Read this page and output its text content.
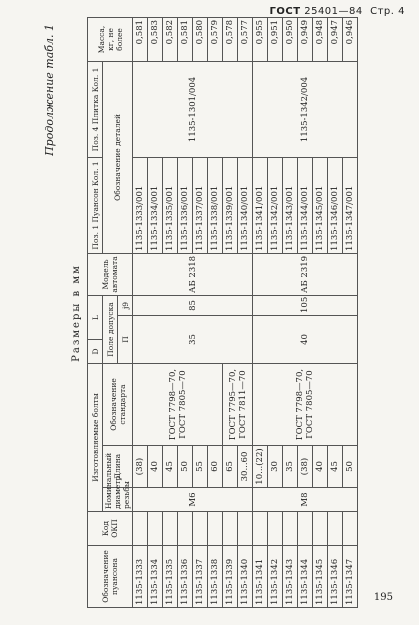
ГОСТ 25401—84 Стр. 4
Продолжение табл. 1
Размеры в мм
Обозначение пуансона	Код ОКП	Изготовляемые болты			D	L		Модель автомата	Поз. 1 Пуансон Кол. 1	Поз. 4 Плитка Кол. 1	Масса, кг, не более
		Номинальный диаметр резьбы	Длина	Обозначение стандарта	Поле допуска				Обозначение деталей		
					П		j9				
1135-1333		М6	(38)	ГОСТ 7798—70, ГОСТ 7805—70	35		85	АБ 2318	1135-1333/001	1135-1301/004	0,581
1135-1334			40						1135-1334/001		0,583
1135-1335			45						1135-1335/001		0,582
1135-1336			50						1135-1336/001		0,581
1135-1337			55						1135-1337/001		0,580
1135-1338			60						1135-1338/001		0,579
1135-1339			65	ГОСТ 7795—70, ГОСТ 7811—70					1135-1339/001		0,578
1135-1340			30...60						1135-1340/001		0,577
1135-1341		М8	10...(22)	ГОСТ 7798—70, ГОСТ 7805—70	40		105	АБ 2319	1135-1341/001	1135-1342/004	0,955
1135-1342			30						1135-1342/001		0,951
1135-1343			35						1135-1343/001		0,950
1135-1344			(38)						1135-1344/001		0,949
1135-1345			40						1135-1345/001		0,948
1135-1346			45						1135-1346/001		0,947
1135-1347			50						1135-1347/001		0,946
195
